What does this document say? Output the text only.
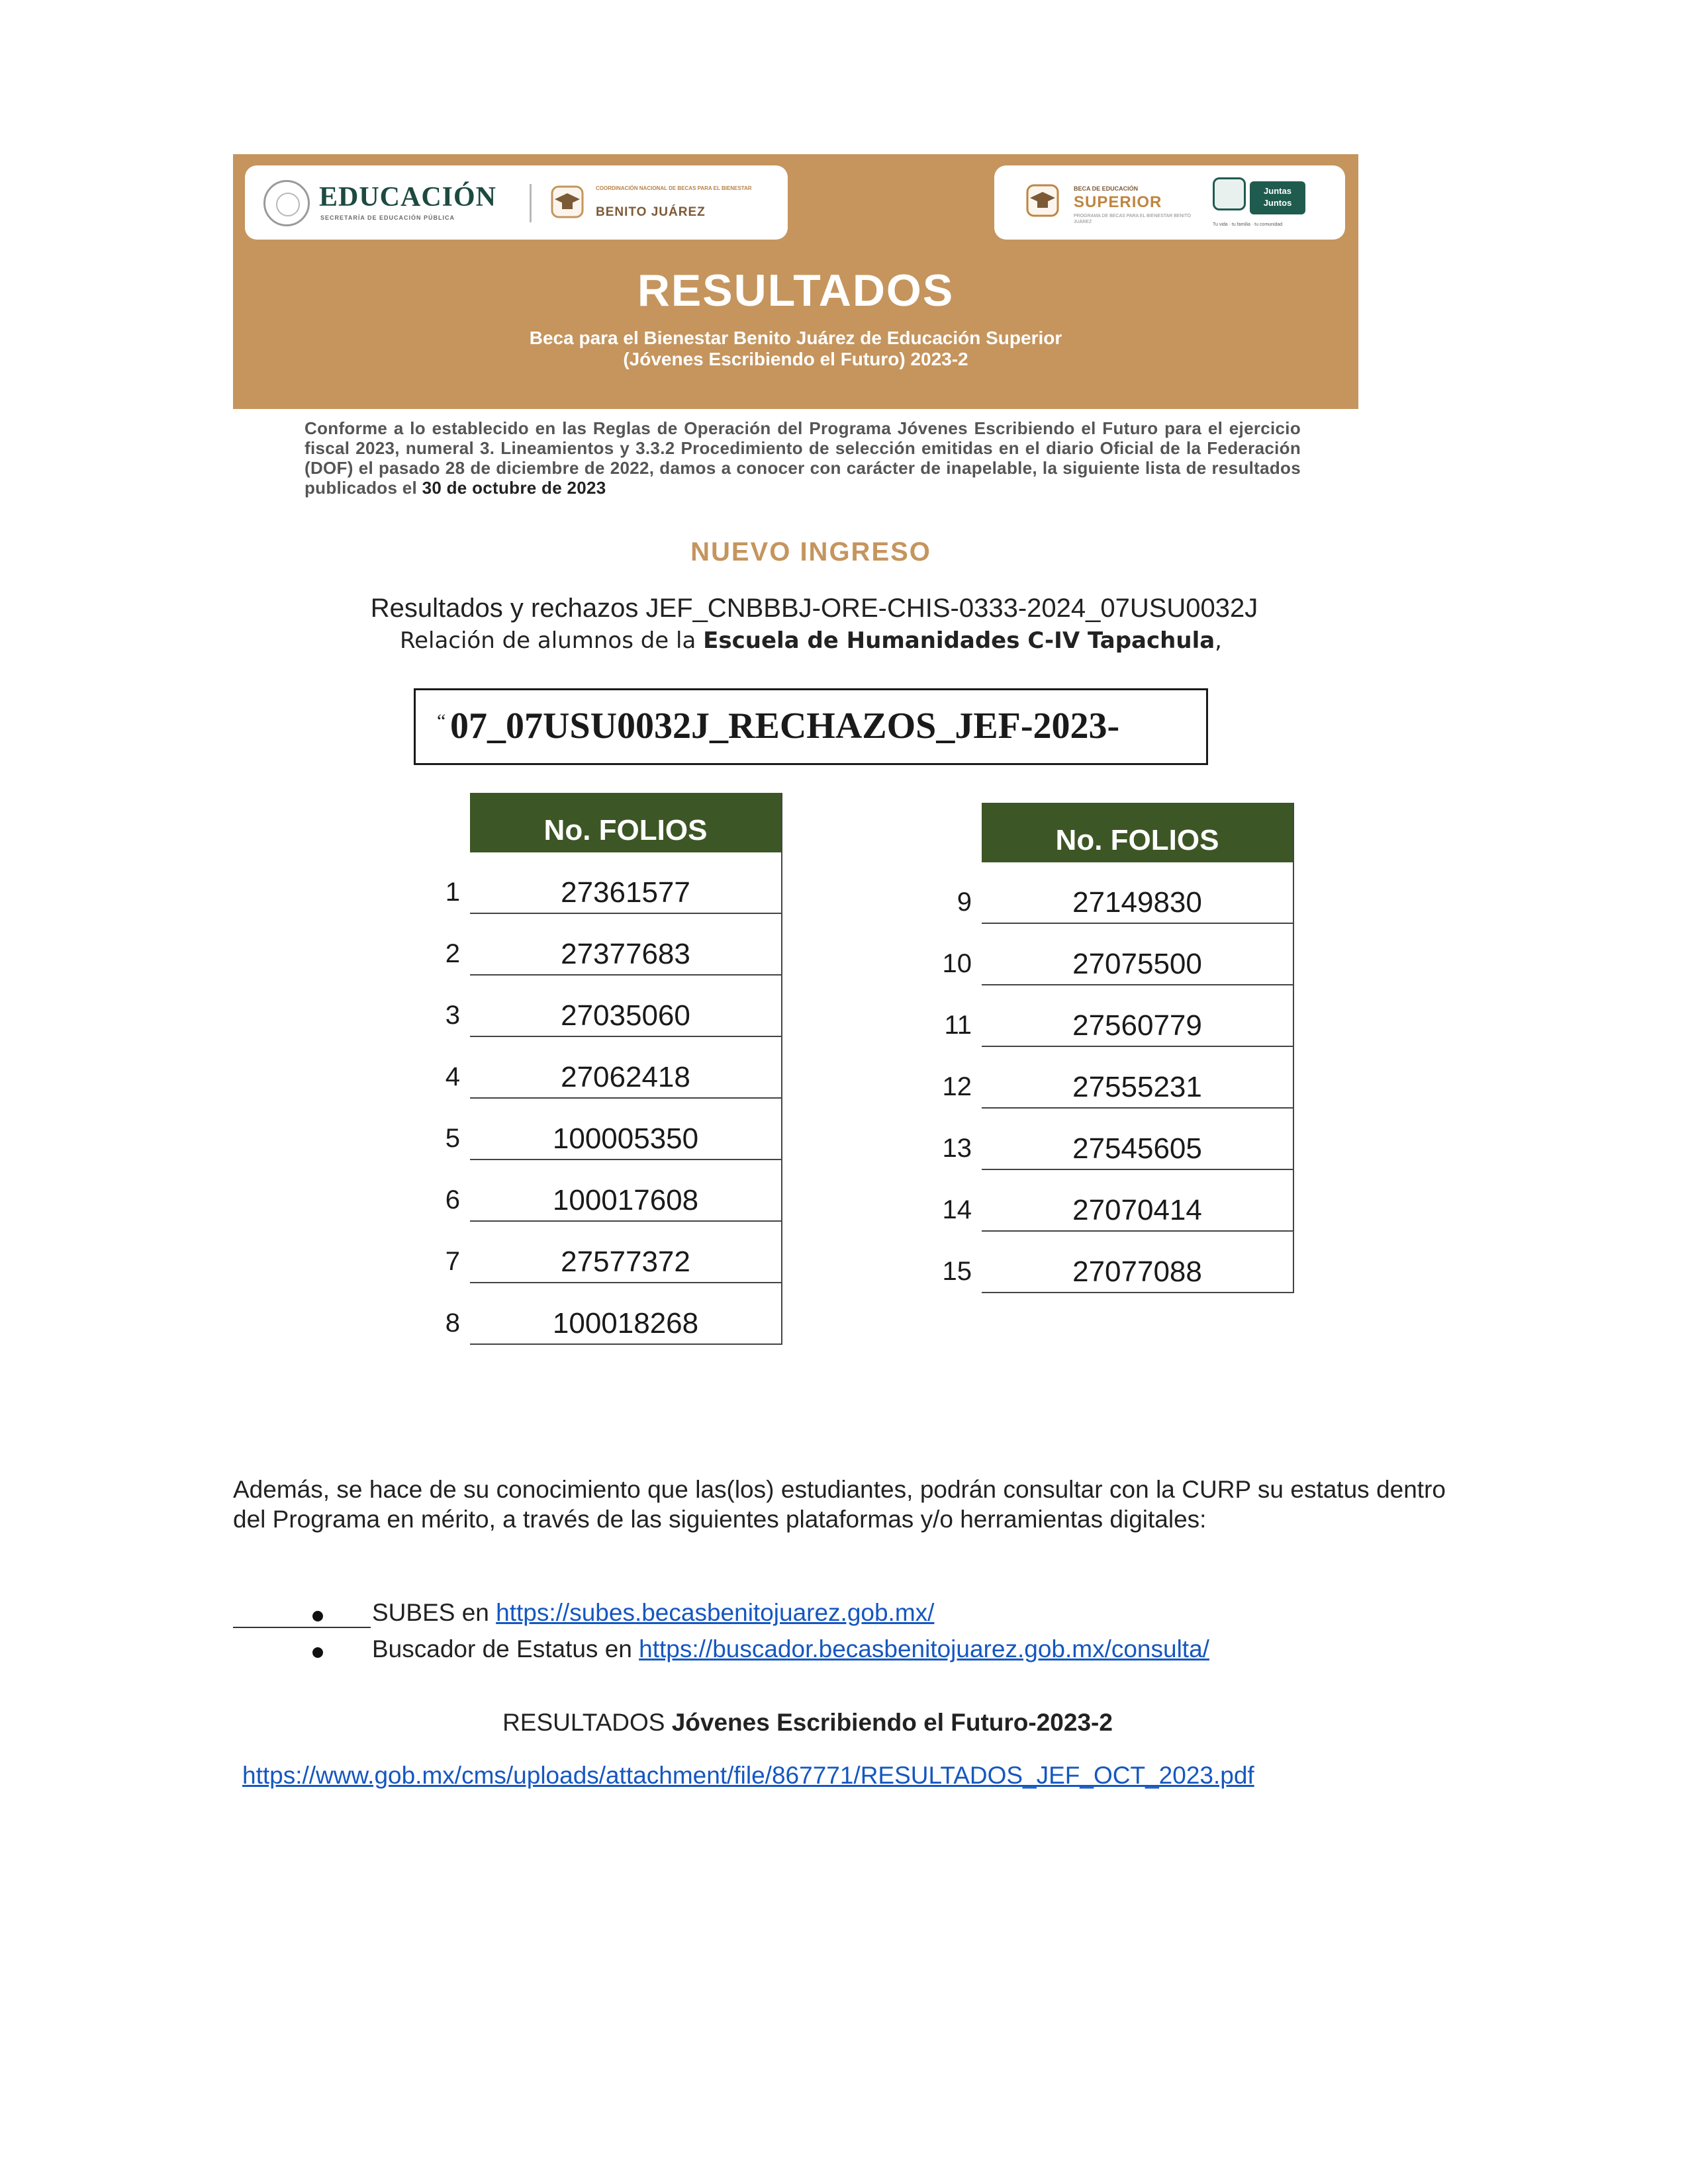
EDUCACIÓN
SECRETARÍA DE EDUCACIÓN PÚBLICA
COORDINACIÓN NACIONAL DE BECAS PARA EL BIENESTAR
BENITO JUÁREZ
BECA DE EDUCACIÓN
SUPERIOR
PROGRAMA DE BECAS PARA EL BIENESTAR BENITO JUÁREZ
Juntas Juntos
Tu vida · tu familia · tu comunidad
RESULTADOS
Beca para el Bienestar Benito Juárez de Educación Superior
(Jóvenes Escribiendo el Futuro) 2023-2
Conforme a lo establecido en las Reglas de Operación del Programa Jóvenes Escribiendo el Futuro para el ejercicio fiscal 2023, numeral 3. Lineamientos y 3.3.2 Procedimiento de selección emitidas en el diario Oficial de la Federación (DOF) el pasado 28 de diciembre de 2022, damos a conocer con carácter de inapelable, la siguiente lista de resultados publicados el 30 de octubre de 2023
NUEVO INGRESO
Resultados y rechazos JEF_CNBBBJ-ORE-CHIS-0333-2024_07USU0032J
Relación de alumnos de la Escuela de Humanidades C-IV Tapachula,
“ 07_07USU0032J_RECHAZOS_JEF-2023-
No. FOLIOS
1	27361577
2	27377683
3	27035060
4	27062418
5	100005350
6	100017608
7	27577372
8	100018268
No. FOLIOS
9	27149830
10	27075500
11	27560779
12	27555231
13	27545605
14	27070414
15	27077088
Además, se hace de su conocimiento que las(los) estudiantes, podrán consultar con la CURP su estatus dentro del Programa en mérito, a través de las siguientes plataformas y/o herramientas digitales:
SUBES en https://subes.becasbenitojuarez.gob.mx/
Buscador de Estatus en https://buscador.becasbenitojuarez.gob.mx/consulta/
RESULTADOS Jóvenes Escribiendo el Futuro-2023-2
https://www.gob.mx/cms/uploads/attachment/file/867771/RESULTADOS_JEF_OCT_2023.pdf
